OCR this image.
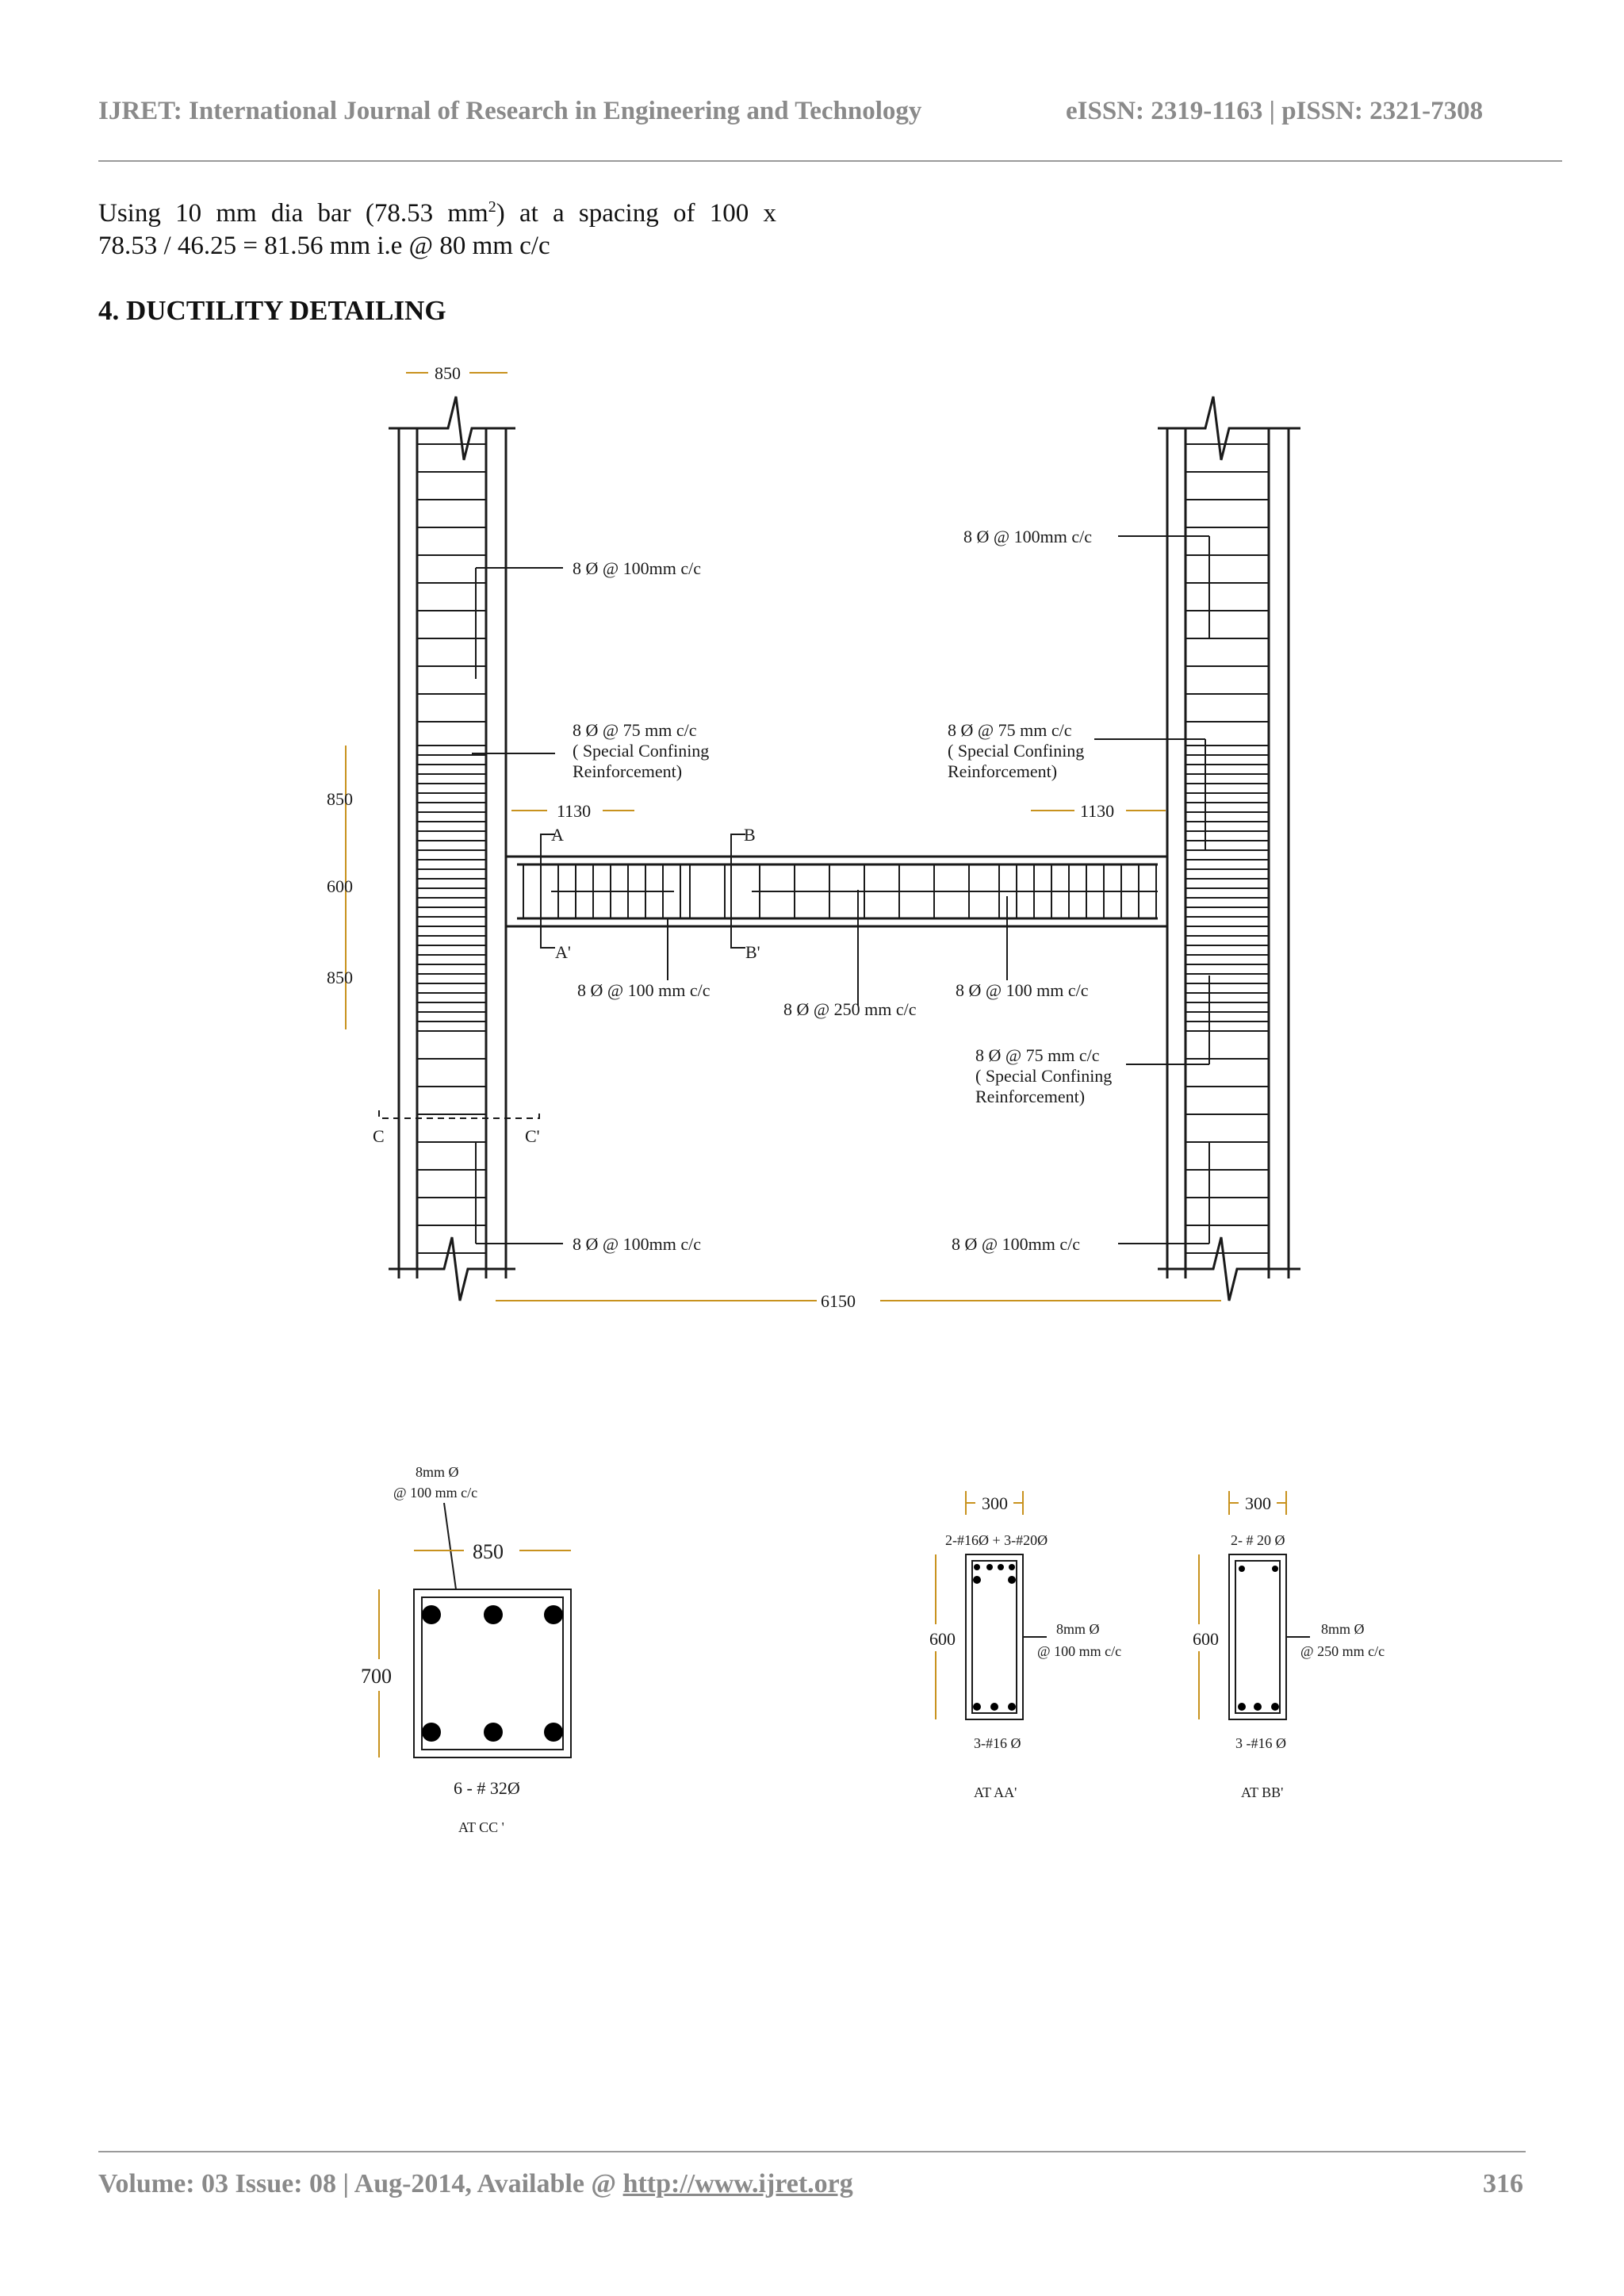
IJRET: International Journal of Research in Engineering and Technology	eISSN: 2319-1163 | pISSN: 2321-7308
Using 10 mm dia bar (78.53 $mm^2$) at a spacing of 100 x
78.53 / 46.25 = 81.56 mm i.e @ 80 mm c/c
4. DUCTILITY DETAILING
850
850
600
850
1130	1130
6150
A
A'
B
B'
C	C'
8 Ø @ 100mm c/c
8 Ø @ 100mm c/c
8 Ø @ 75 mm c/c
( Special Confining
Reinforcement)
8 Ø @ 75 mm c/c
( Special Confining
Reinforcement)
8 Ø @ 100 mm c/c
8 Ø @ 250 mm c/c
8 Ø @ 100 mm c/c
8 Ø @ 75 mm c/c
( Special Confining
Reinforcement)
8 Ø @ 100mm c/c	8 Ø @ 100mm c/c
8mm Ø
@ 100 mm c/c
850
700
6 - # 32Ø
AT CC '
300
2-#16Ø + 3-#20Ø
600	8mm Ø
@ 100 mm c/c
3-#16 Ø
AT AA'
300
2- # 20 Ø
600	8mm Ø
@ 250 mm c/c
3 -#16 Ø
AT BB'
Volume: 03 Issue: 08 | Aug-2014, Available @ http://www.ijret.org	316
